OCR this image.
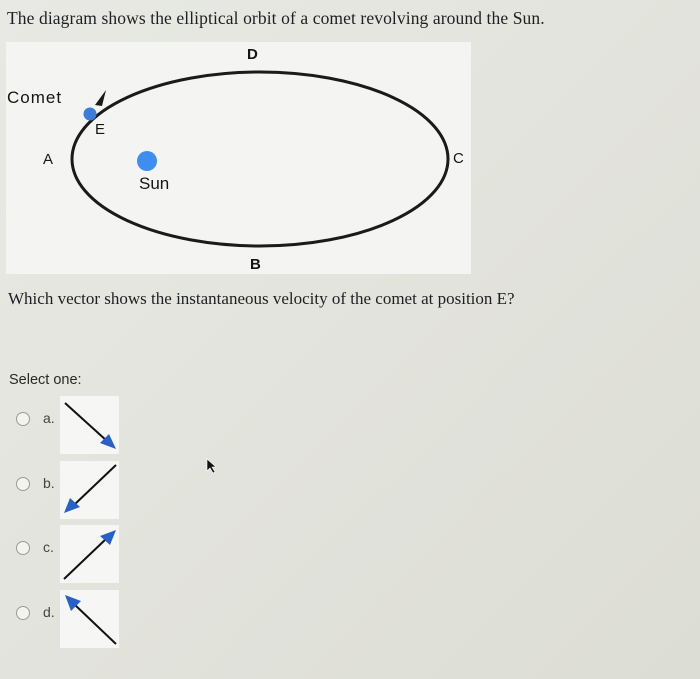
The diagram shows the elliptical orbit of a comet revolving around the Sun.
D
Comet
E
A
Sun
C
B
Which vector shows the instantaneous velocity of the comet at position E?
Select one:
a.
b.
c.
d.
